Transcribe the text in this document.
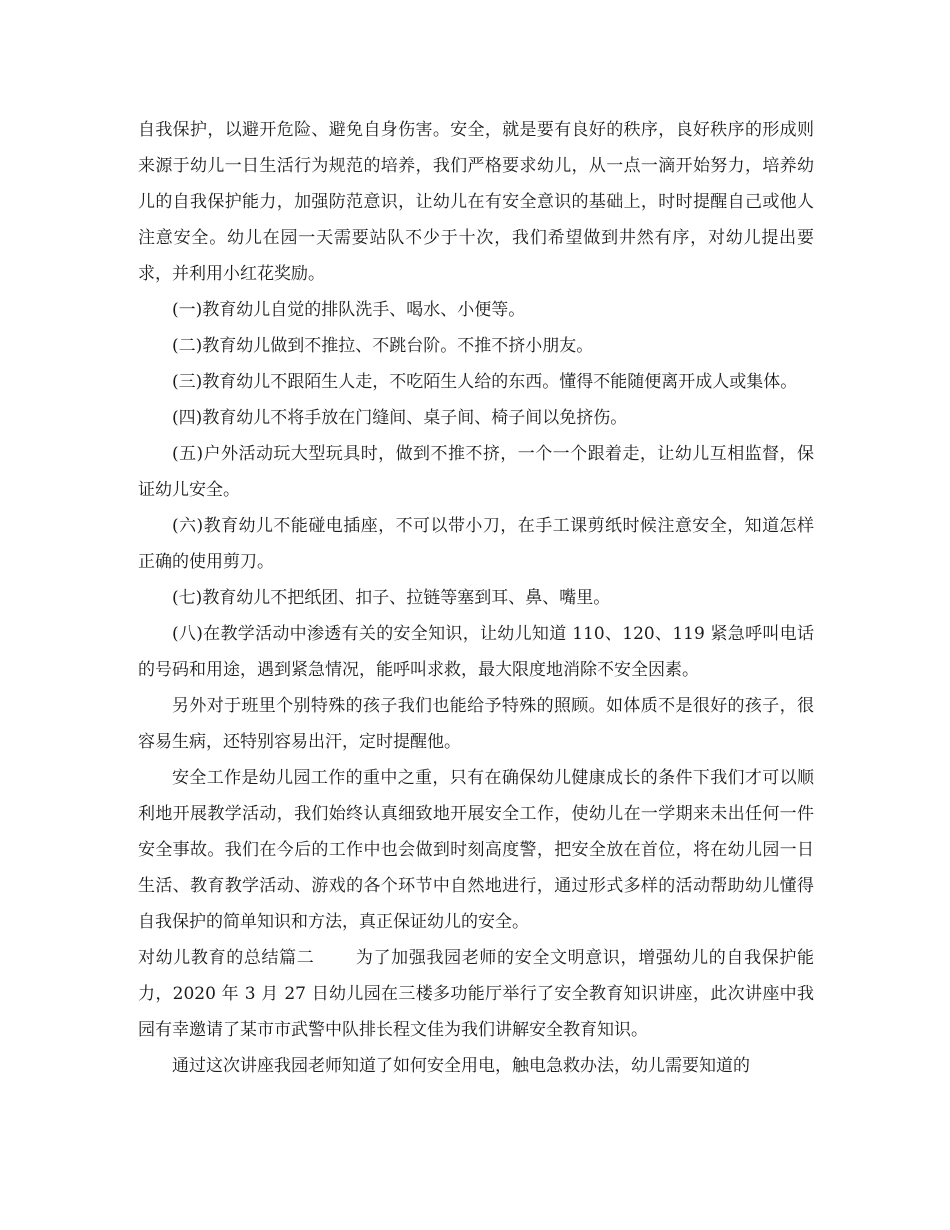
自我保护，以避开危险、避免自身伤害。安全，就是要有良好的秩序，良好秩序的形成则来源于幼儿一日生活行为规范的培养，我们严格要求幼儿，从一点一滴开始努力，培养幼儿的自我保护能力，加强防范意识，让幼儿在有安全意识的基础上，时时提醒自己或他人注意安全。幼儿在园一天需要站队不少于十次，我们希望做到井然有序，对幼儿提出要求，并利用小红花奖励。

(一)教育幼儿自觉的排队洗手、喝水、小便等。

(二)教育幼儿做到不推拉、不跳台阶。不推不挤小朋友。

(三)教育幼儿不跟陌生人走，不吃陌生人给的东西。懂得不能随便离开成人或集体。

(四)教育幼儿不将手放在门缝间、桌子间、椅子间以免挤伤。

(五)户外活动玩大型玩具时，做到不推不挤，一个一个跟着走，让幼儿互相监督，保证幼儿安全。

(六)教育幼儿不能碰电插座，不可以带小刀，在手工课剪纸时候注意安全，知道怎样正确的使用剪刀。

(七)教育幼儿不把纸团、扣子、拉链等塞到耳、鼻、嘴里。

(八)在教学活动中渗透有关的安全知识，让幼儿知道 110、120、119 紧急呼叫电话的号码和用途，遇到紧急情况，能呼叫求救，最大限度地消除不安全因素。

另外对于班里个别特殊的孩子我们也能给予特殊的照顾。如体质不是很好的孩子，很容易生病，还特别容易出汗，定时提醒他。

安全工作是幼儿园工作的重中之重，只有在确保幼儿健康成长的条件下我们才可以顺利地开展教学活动，我们始终认真细致地开展安全工作，使幼儿在一学期来未出任何一件安全事故。我们在今后的工作中也会做到时刻高度警，把安全放在首位，将在幼儿园一日生活、教育教学活动、游戏的各个环节中自然地进行，通过形式多样的活动帮助幼儿懂得自我保护的简单知识和方法，真正保证幼儿的安全。

对幼儿教育的总结篇二 为了加强我园老师的安全文明意识，增强幼儿的自我保护能力，2020 年 3 月 27 日幼儿园在三楼多功能厅举行了安全教育知识讲座，此次讲座中我园有幸邀请了某市市武警中队排长程文佳为我们讲解安全教育知识。

通过这次讲座我园老师知道了如何安全用电，触电急救办法，幼儿需要知道的
